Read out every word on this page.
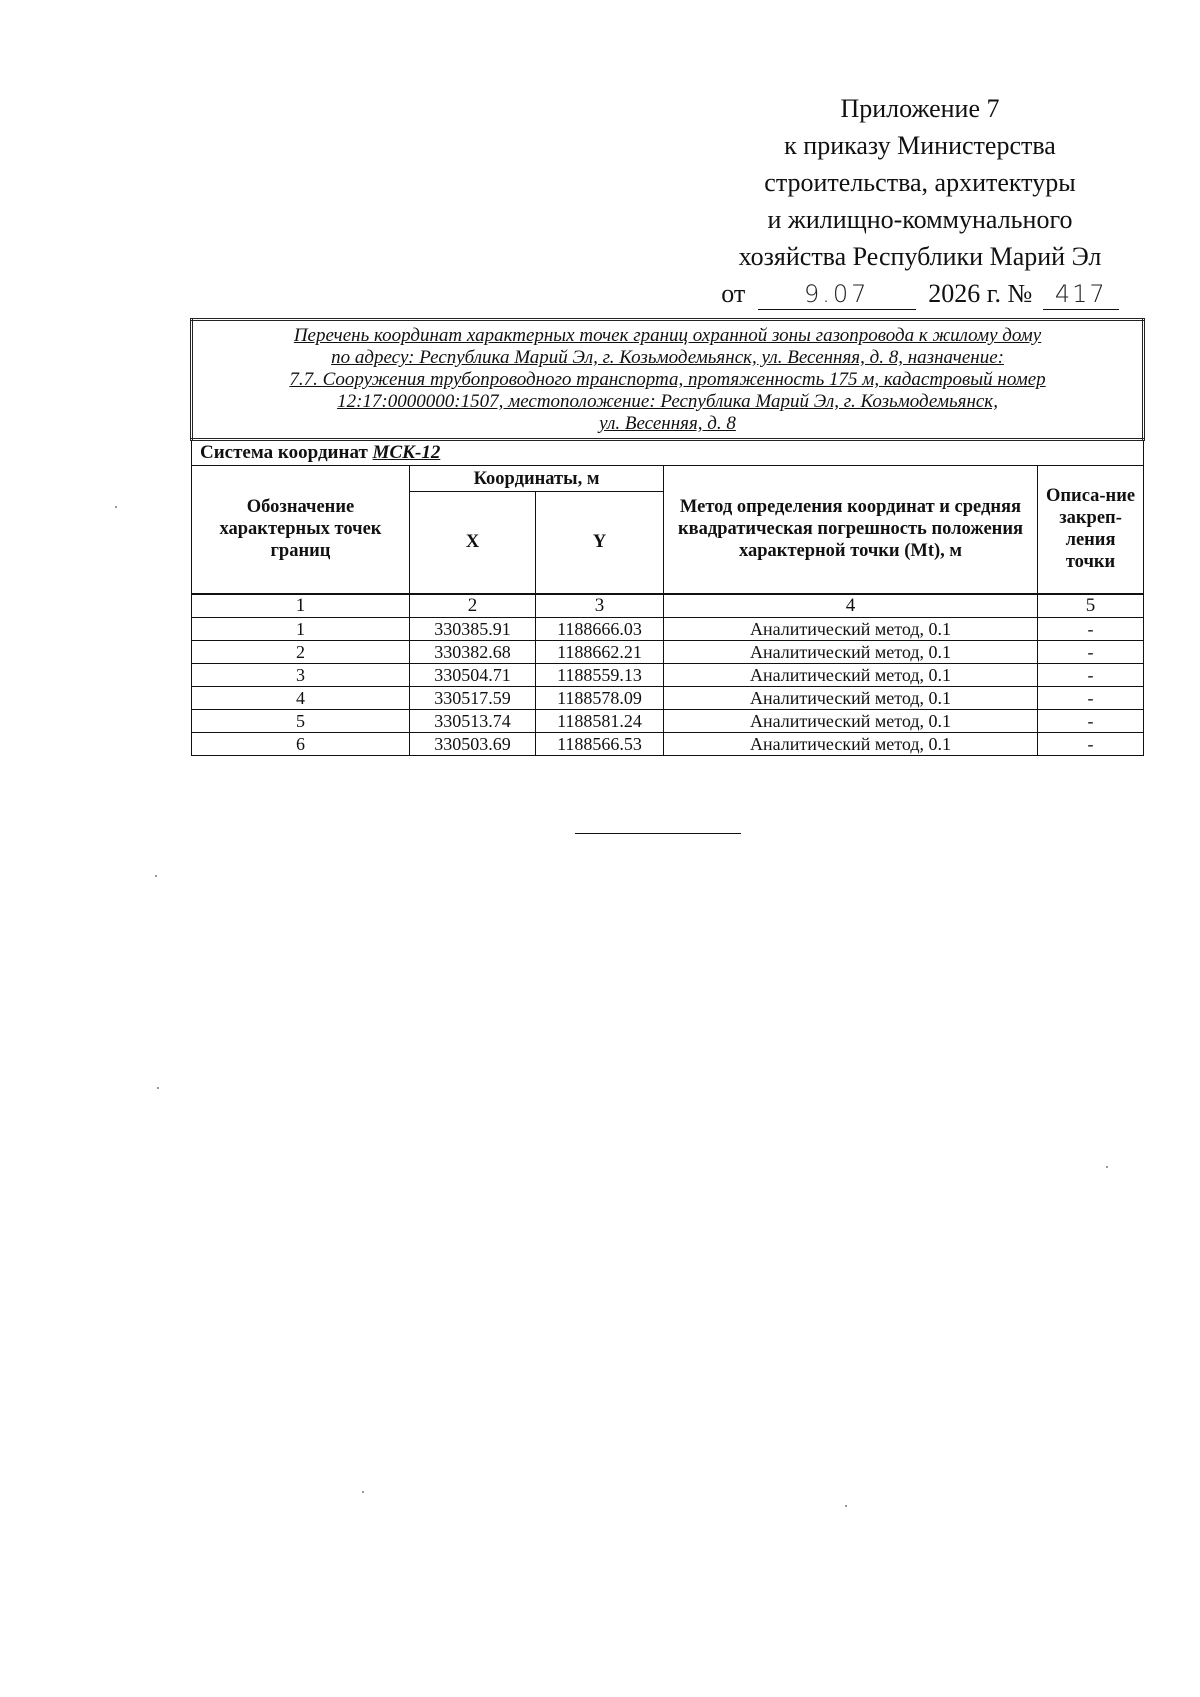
Приложение 7
к приказу Министерства
строительства, архитектуры
и жилищно-коммунального
хозяйства Республики Марий Эл
от 9.07 2026 г. № 417
Перечень координат характерных точек границ охранной зоны газопровода к жилому дому
по адресу: Республика Марий Эл, г. Козьмодемьянск, ул. Весенняя, д. 8, назначение:
7.7. Сооружения трубопроводного транспорта, протяженность 175 м, кадастровый номер
12:17:0000000:1507, местоположение: Республика Марий Эл, г. Козьмодемьянск,
ул. Весенняя, д. 8				

Система координат МСК-12				
Обозначение характерных точек границ	Координаты, м		Метод определения координат и средняя квадратическая погрешность положения характерной точки (Mt), м	Описа-ние закреп-ления точки
	X	Y		
1	2	3	4	5
1	330385.91	1188666.03	Аналитический метод, 0.1	-
2	330382.68	1188662.21	Аналитический метод, 0.1	-
3	330504.71	1188559.13	Аналитический метод, 0.1	-
4	330517.59	1188578.09	Аналитический метод, 0.1	-
5	330513.74	1188581.24	Аналитический метод, 0.1	-
6	330503.69	1188566.53	Аналитический метод, 0.1	-
